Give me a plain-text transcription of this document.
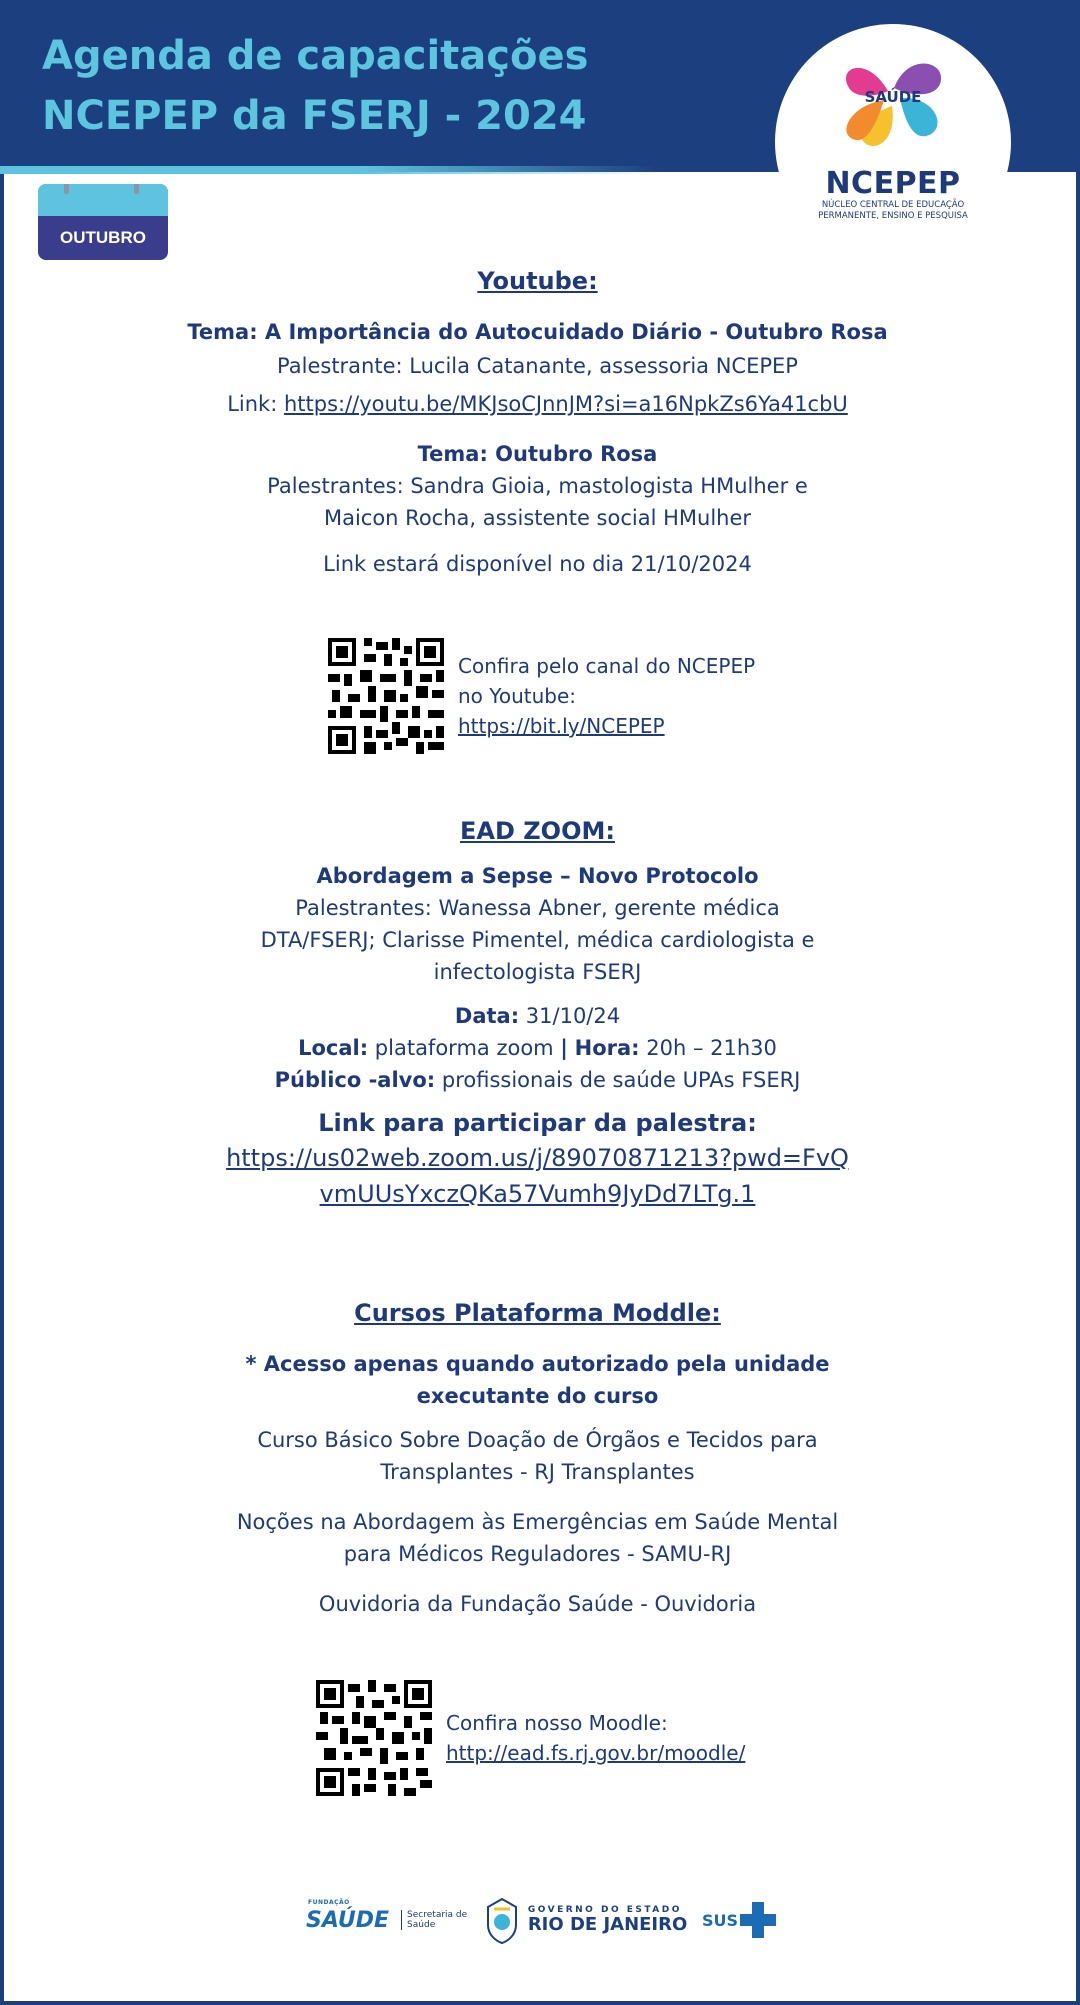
Agenda de capacitações
NCEPEP da FSERJ - 2024	SAÚDE
NCEPEP
NÚCLEO CENTRAL DE EDUCAÇÃO PERMANENTE, ENSINO E PESQUISA
OUTUBRO
Youtube:
Tema: A Importância do Autocuidado Diário - Outubro Rosa
Palestrante: Lucila Catanante, assessoria NCEPEP
Link: https://youtu.be/MKJsoCJnnJM?si=a16NpkZs6Ya41cbU
Tema: Outubro Rosa
Palestrantes: Sandra Gioia, mastologista HMulher e
Maicon Rocha, assistente social HMulher
Link estará disponível no dia 21/10/2024
Confira pelo canal do NCEPEP
no Youtube:
https://bit.ly/NCEPEP
EAD ZOOM:
Abordagem a Sepse – Novo Protocolo
Palestrantes: Wanessa Abner, gerente médica
DTA/FSERJ; Clarisse Pimentel, médica cardiologista e
infectologista FSERJ
Data: 31/10/24
Local: plataforma zoom | Hora: 20h – 21h30
Público -alvo: profissionais de saúde UPAs FSERJ
Link para participar da palestra:
https://us02web.zoom.us/j/89070871213?pwd=FvQ
vmUUsYxczQKa57Vumh9JyDd7LTg.1
Cursos Plataforma Moddle:
* Acesso apenas quando autorizado pela unidade
executante do curso
Curso Básico Sobre Doação de Órgãos e Tecidos para
Transplantes - RJ Transplantes
Noções na Abordagem às Emergências em Saúde Mental
para Médicos Reguladores - SAMU-RJ
Ouvidoria da Fundação Saúde - Ouvidoria
Confira nosso Moodle:
http://ead.fs.rj.gov.br/moodle/
FUNDAÇÃO
SAÚDE Secretaria de
Saúde
GOVERNO DO ESTADO
RIO DE JANEIRO SUS
